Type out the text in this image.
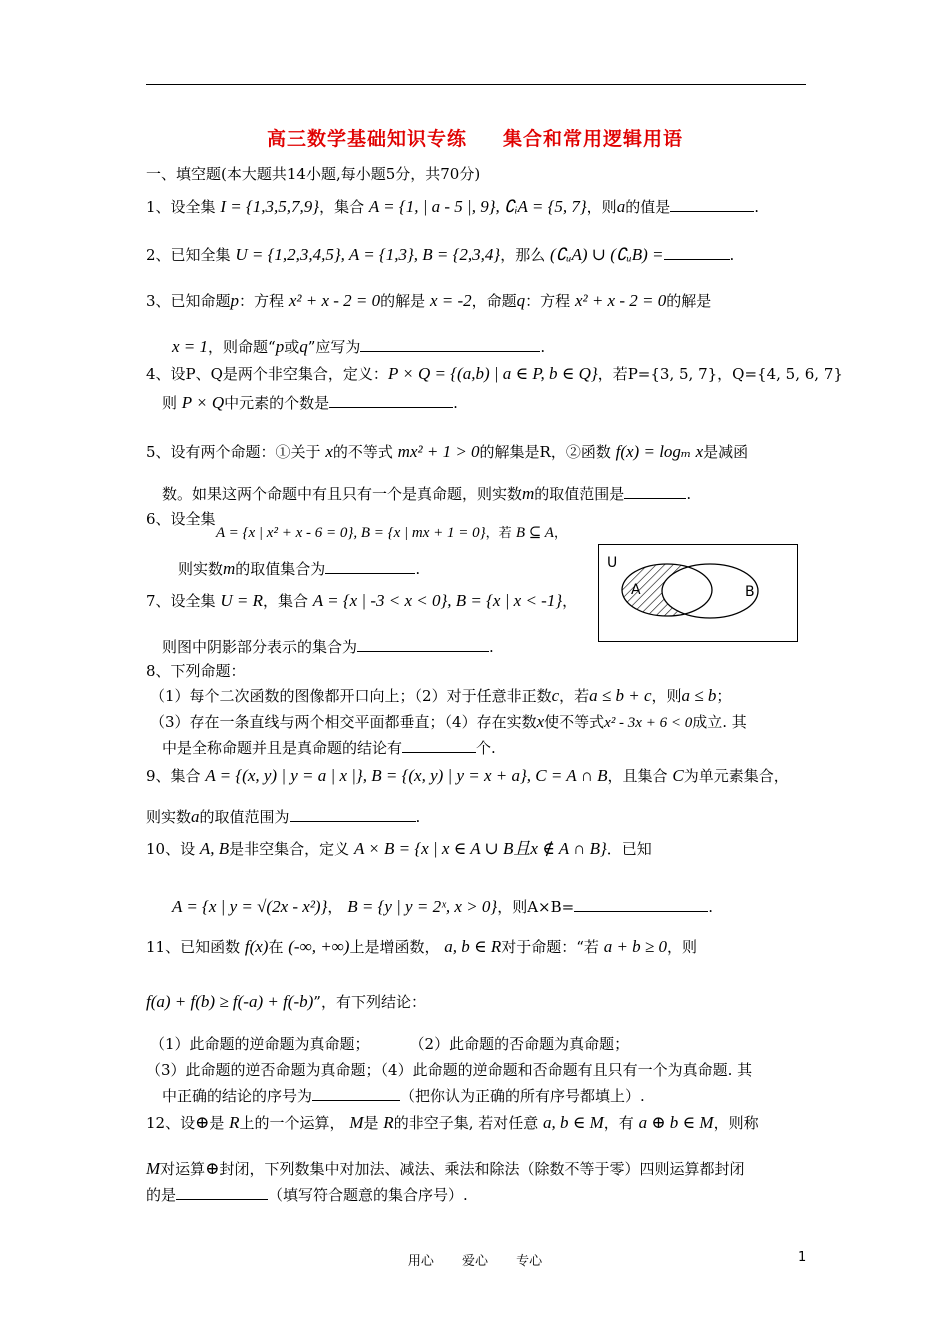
高三数学基础知识专练 集合和常用逻辑用语
一、填空题(本大题共14小题,每小题5分，共70分)
1、设全集 I = {1,3,5,7,9}，集合 A = {1, | a - 5 |, 9}, ∁ᵢA = {5, 7}，则a的值是	.
2、已知全集 U = {1,2,3,4,5}, A = {1,3}, B = {2,3,4}，那么 (∁ᵤA) ∪ (∁ᵤB) =	.
3、已知命题p：方程 x² + x - 2 = 0的解是 x = -2，命题q：方程 x² + x - 2 = 0的解是
x = 1，则命题“p或q”应写为	.
4、设P、Q是两个非空集合，定义：P × Q = {(a,b) | a ∈ P, b ∈ Q}，若P={3, 5, 7}，Q={4, 5, 6, 7}
则 P × Q中元素的个数是	.
5、设有两个命题：①关于 x的不等式 mx² + 1 > 0的解集是R，②函数 f(x) = logₘ x是减函
数。如果这两个命题中有且只有一个是真命题，则实数m的取值范围是	.
6、设全集
A = {x | x² + x - 6 = 0}, B = {x | mx + 1 = 0}，若 B ⊆ A，
则实数m的取值集合为	.	U
A	B
7、设全集 U = R，集合 A = {x | -3 < x < 0}, B = {x | x < -1}，
则图中阴影部分表示的集合为	.
8、下列命题：
（1）每个二次函数的图像都开口向上；（2）对于任意非正数c，若a ≤ b + c，则a ≤ b；
（3）存在一条直线与两个相交平面都垂直；（4）存在实数x使不等式x² - 3x + 6 < 0成立. 其
中是全称命题并且是真命题的结论有	个.
9、集合 A = {(x, y) | y = a | x |}, B = {(x, y) | y = x + a}, C = A ∩ B，且集合 C为单元素集合，
则实数a的取值范围为	.
10、设 A, B是非空集合，定义 A × B = {x | x ∈ A ∪ B且x ∉ A ∩ B}．已知
A = {x | y = √(2x - x²)}， B = {y | y = 2ˣ, x > 0}，则A×B=	.
11、已知函数 f(x)在 (-∞, +∞)上是增函数， a, b ∈ R对于命题：“若 a + b ≥ 0，则
f(a) + f(b) ≥ f(-a) + f(-b)”，有下列结论：
（1）此命题的逆命题为真命题；	（2）此命题的否命题为真命题；
（3）此命题的逆否命题为真命题；（4）此命题的逆命题和否命题有且只有一个为真命题. 其
中正确的结论的序号为	（把你认为正确的所有序号都填上）.
12、设⊕是 R上的一个运算， M是 R的非空子集, 若对任意 a, b ∈ M，有 a ⊕ b ∈ M，则称
M对运算⊕封闭，下列数集中对加法、减法、乘法和除法（除数不等于零）四则运算都封闭
的是	（填写符合题意的集合序号）.
用心 爱心 专心	1
